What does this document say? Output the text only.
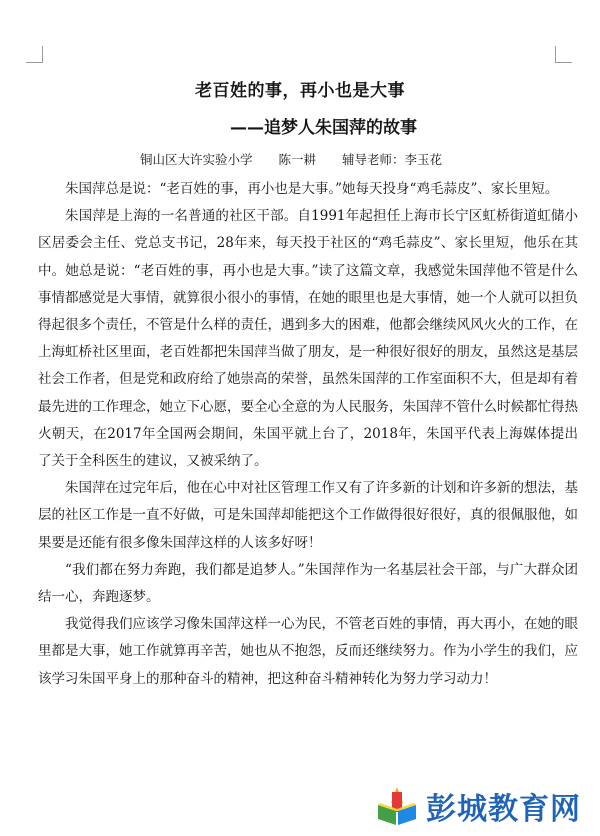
老百姓的事，再小也是大事
——追梦人朱国萍的故事
铜山区大许实验小学 陈一耕 辅导老师：李玉花

朱国萍总是说：“老百姓的事，再小也是大事。”她每天投身“鸡毛蒜皮”、家长里短。

朱国萍是上海的一名普通的社区干部。自1991年起担任上海市长宁区虹桥街道虹储小区居委会主任、党总支书记，28年来，每天投于社区的“鸡毛蒜皮”、家长里短，他乐在其中。她总是说：“老百姓的事，再小也是大事。”读了这篇文章，我感觉朱国萍他不管是什么事情都感觉是大事情，就算很小很小的事情，在她的眼里也是大事情，她一个人就可以担负得起很多个责任，不管是什么样的责任，遇到多大的困难，他都会继续风风火火的工作，在上海虹桥社区里面，老百姓都把朱国萍当做了朋友，是一种很好很好的朋友，虽然这是基层社会工作者，但是党和政府给了她崇高的荣誉，虽然朱国萍的工作室面积不大，但是却有着最先进的工作理念，她立下心愿，要全心全意的为人民服务，朱国萍不管什么时候都忙得热火朝天，在2017年全国两会期间，朱国平就上台了，2018年，朱国平代表上海媒体提出了关于全科医生的建议，又被采纳了。

朱国萍在过完年后，他在心中对社区管理工作又有了许多新的计划和许多新的想法，基层的社区工作是一直不好做，可是朱国萍却能把这个工作做得很好很好，真的很佩服他，如果要是还能有很多像朱国萍这样的人该多好呀！

“我们都在努力奔跑，我们都是追梦人。”朱国萍作为一名基层社会干部，与广大群众团结一心，奔跑逐梦。

我觉得我们应该学习像朱国萍这样一心为民，不管老百姓的事情，再大再小，在她的眼里都是大事，她工作就算再辛苦，她也从不抱怨，反而还继续努力。作为小学生的我们，应该学习朱国平身上的那种奋斗的精神，把这种奋斗精神转化为努力学习动力！

彭城教育网
